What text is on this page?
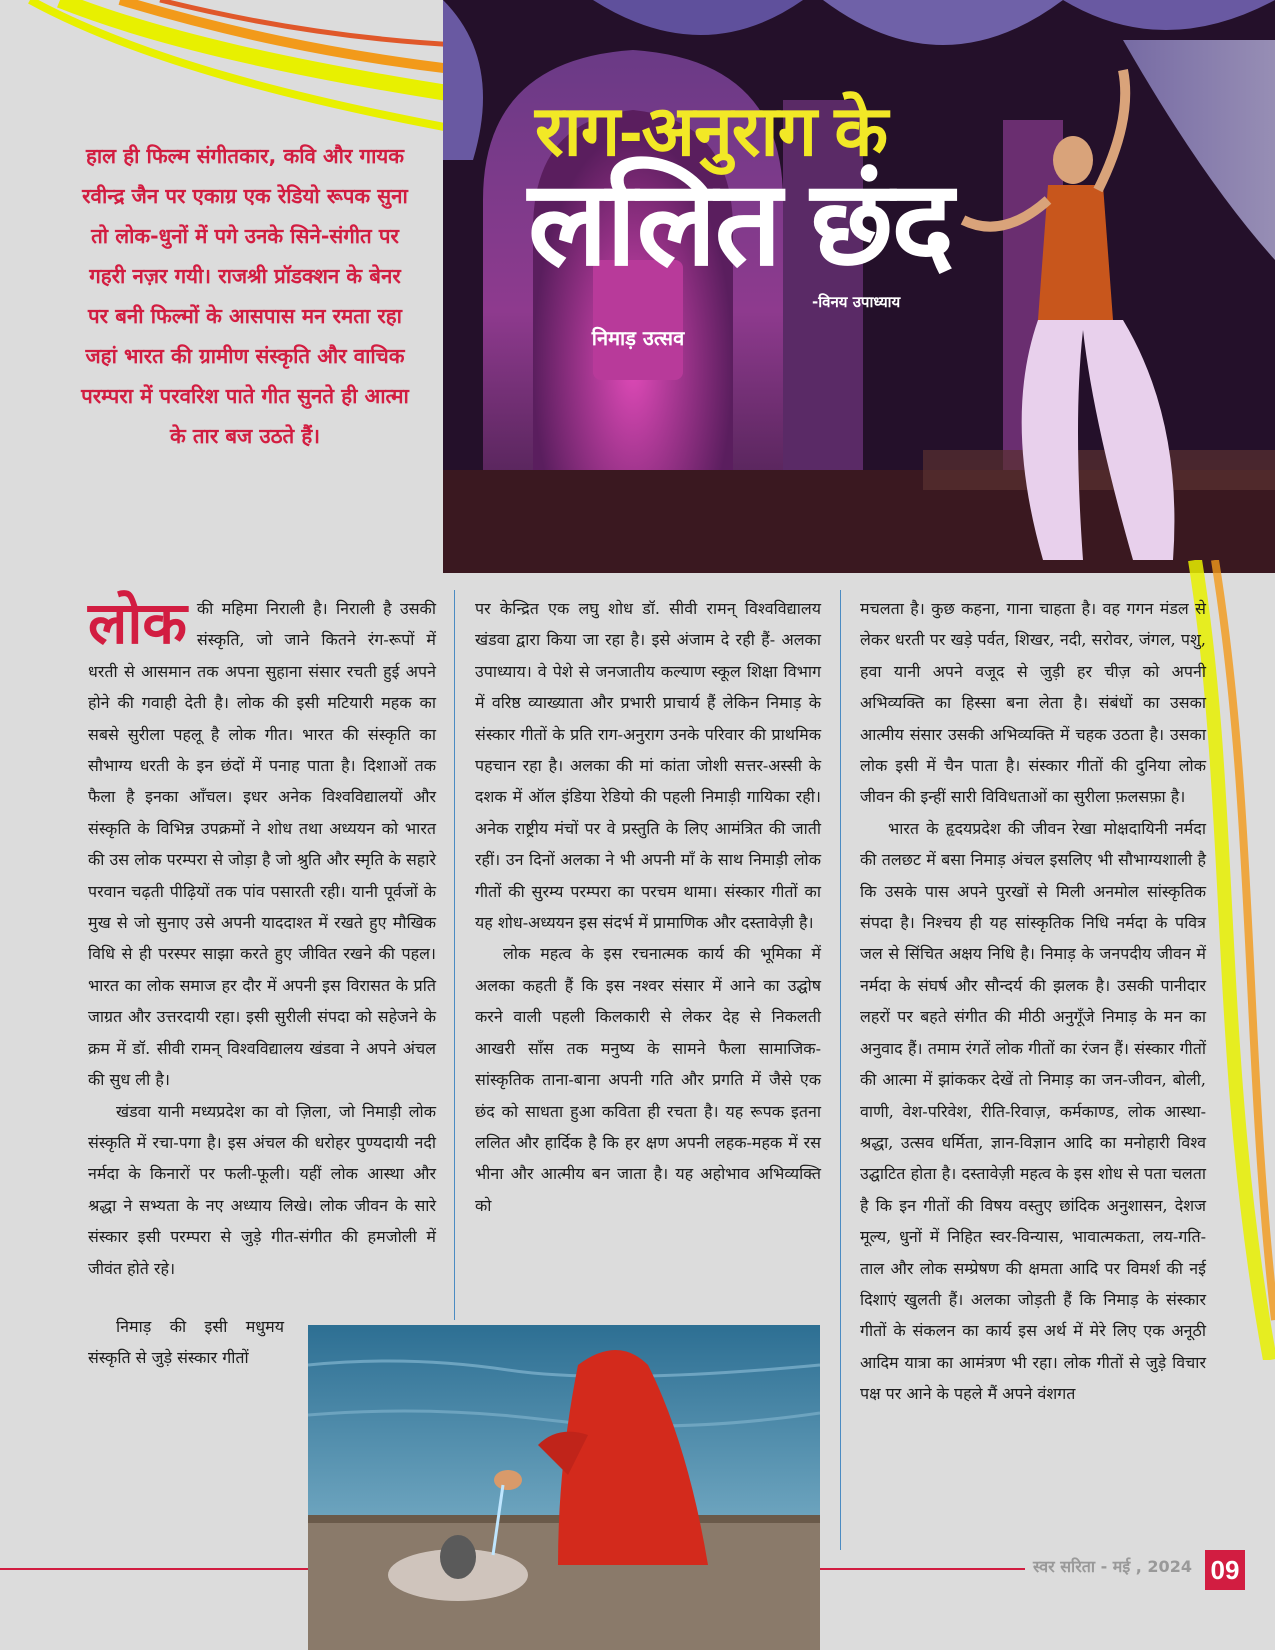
निमाड़ उत्सव
राग-अनुराग के
ललित छंद
-विनय उपाध्याय
हाल ही फिल्म संगीतकार, कवि और गायक रवीन्द्र जैन पर एकाग्र एक रेडियो रूपक सुना तो लोक-धुनों में पगे उनके सिने-संगीत पर गहरी नज़र गयी। राजश्री प्रॉडक्शन के बेनर पर बनी फिल्मों के आसपास मन रमता रहा जहां भारत की ग्रामीण संस्कृति और वाचिक परम्परा में परवरिश पाते गीत सुनते ही आत्मा के तार बज उठते हैं।
लोक की महिमा निराली है। निराली है उसकी संस्कृति, जो जाने कितने रंग-रूपों में धरती से आसमान तक अपना सुहाना संसार रचती हुई अपने होने की गवाही देती है। लोक की इसी मटियारी महक का सबसे सुरीला पहलू है लोक गीत। भारत की संस्कृति का सौभाग्य धरती के इन छंदों में पनाह पाता है। दिशाओं तक फैला है इनका आँचल। इधर अनेक विश्वविद्यालयों और संस्कृति के विभिन्न उपक्रमों ने शोध तथा अध्ययन को भारत की उस लोक परम्परा से जोड़ा है जो श्रुति और स्मृति के सहारे परवान चढ़ती पीढ़ियों तक पांव पसारती रही। यानी पूर्वजों के मुख से जो सुनाए उसे अपनी याददाश्त में रखते हुए मौखिक विधि से ही परस्पर साझा करते हुए जीवित रखने की पहल। भारत का लोक समाज हर दौर में अपनी इस विरासत के प्रति जाग्रत और उत्तरदायी रहा। इसी सुरीली संपदा को सहेजने के क्रम में डॉ. सीवी रामन् विश्वविद्यालय खंडवा ने अपने अंचल की सुध ली है।

खंडवा यानी मध्यप्रदेश का वो ज़िला, जो निमाड़ी लोक संस्कृति में रचा-पगा है। इस अंचल की धरोहर पुण्यदायी नदी नर्मदा के किनारों पर फली-फूली। यहीं लोक आस्था और श्रद्धा ने सभ्यता के नए अध्याय लिखे। लोक जीवन के सारे संस्कार इसी परम्परा से जुड़े गीत-संगीत की हमजोली में जीवंत होते रहे।

पर केन्द्रित एक लघु शोध डॉ. सीवी रामन् विश्वविद्यालय खंडवा द्वारा किया जा रहा है। इसे अंजाम दे रही हैं- अलका उपाध्याय। वे पेशे से जनजातीय कल्याण स्कूल शिक्षा विभाग में वरिष्ठ व्याख्याता और प्रभारी प्राचार्य हैं लेकिन निमाड़ के संस्कार गीतों के प्रति राग-अनुराग उनके परिवार की प्राथमिक पहचान रहा है। अलका की मां कांता जोशी सत्तर-अस्सी के दशक में ऑल इंडिया रेडियो की पहली निमाड़ी गायिका रही। अनेक राष्ट्रीय मंचों पर वे प्रस्तुति के लिए आमंत्रित की जाती रहीं। उन दिनों अलका ने भी अपनी माँ के साथ निमाड़ी लोक गीतों की सुरम्य परम्परा का परचम थामा। संस्कार गीतों का यह शोध-अध्ययन इस संदर्भ में प्रामाणिक और दस्तावेज़ी है।

लोक महत्व के इस रचनात्मक कार्य की भूमिका में अलका कहती हैं कि इस नश्वर संसार में आने का उद्घोष करने वाली पहली किलकारी से लेकर देह से निकलती आखरी साँस तक मनुष्य के सामने फैला सामाजिक-सांस्कृतिक ताना-बाना अपनी गति और प्रगति में जैसे एक छंद को साधता हुआ कविता ही रचता है। यह रूपक इतना ललित और हार्दिक है कि हर क्षण अपनी लहक-महक में रस भीना और आत्मीय बन जाता है। यह अहोभाव अभिव्यक्ति को

मचलता है। कुछ कहना, गाना चाहता है। वह गगन मंडल से लेकर धरती पर खड़े पर्वत, शिखर, नदी, सरोवर, जंगल, पशु, हवा यानी अपने वजूद से जुड़ी हर चीज़ को अपनी अभिव्यक्ति का हिस्सा बना लेता है। संबंधों का उसका आत्मीय संसार उसकी अभिव्यक्ति में चहक उठता है। उसका लोक इसी में चैन पाता है। संस्कार गीतों की दुनिया लोक जीवन की इन्हीं सारी विविधताओं का सुरीला फ़लसफ़ा है।

भारत के हृदयप्रदेश की जीवन रेखा मोक्षदायिनी नर्मदा की तलछट में बसा निमाड़ अंचल इसलिए भी सौभाग्यशाली है कि उसके पास अपने पुरखों से मिली अनमोल सांस्कृतिक संपदा है। निश्चय ही यह सांस्कृतिक निधि नर्मदा के पवित्र जल से सिंचित अक्षय निधि है। निमाड़ के जनपदीय जीवन में नर्मदा के संघर्ष और सौन्दर्य की झलक है। उसकी पानीदार लहरों पर बहते संगीत की मीठी अनुगूँजे निमाड़ के मन का अनुवाद हैं। तमाम रंगतें लोक गीतों का रंजन हैं। संस्कार गीतों की आत्मा में झांककर देखें तो निमाड़ का जन-जीवन, बोली, वाणी, वेश-परिवेश, रीति-रिवाज़, कर्मकाण्ड, लोक आस्था-श्रद्धा, उत्सव धर्मिता, ज्ञान-विज्ञान आदि का मनोहारी विश्व उद्घाटित होता है। दस्तावेज़ी महत्व के इस शोध से पता चलता है कि इन गीतों की विषय वस्तुए छांदिक अनुशासन, देशज मूल्य, धुनों में निहित स्वर-विन्यास, भावात्मकता, लय-गति-ताल और लोक सम्प्रेषण की क्षमता आदि पर विमर्श की नई दिशाएं खुलती हैं। अलका जोड़ती हैं कि निमाड़ के संस्कार गीतों के संकलन का कार्य इस अर्थ में मेरे लिए एक अनूठी आदिम यात्रा का आमंत्रण भी रहा। लोक गीतों से जुड़े विचार पक्ष पर आने के पहले मैं अपने वंशगत

निमाड़ की इसी मधुमय संस्कृति से जुड़े संस्कार गीतों

स्वर सरिता - मई , 2024 09
